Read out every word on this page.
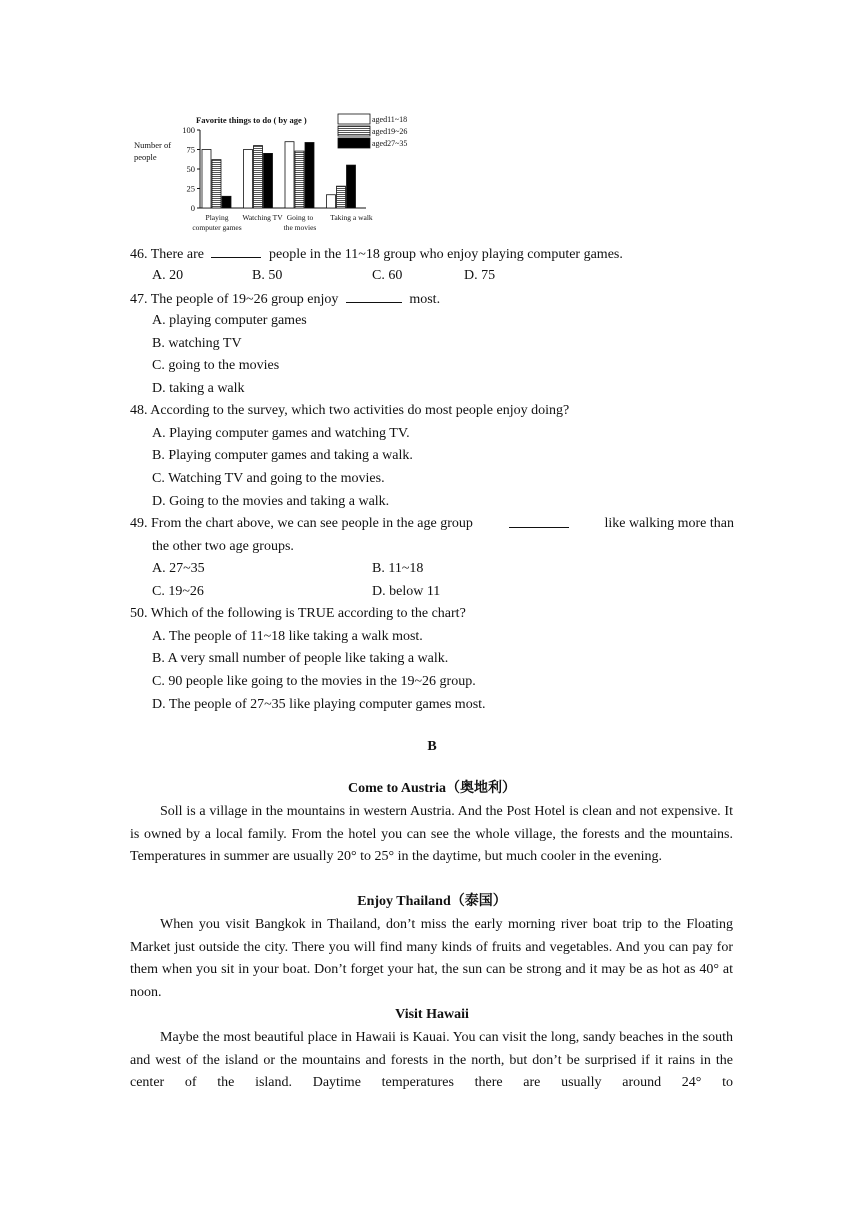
Favorite things to do ( by age )
Number of
people
0
25
50
75
100
Playing
computer games
Watching TV Going to
the movies
Taking a walk
aged11~18
aged19~26
aged27~35
46. There are	people in the 11~18 group who enjoy playing computer games.
A. 20	B. 50	C. 60	D. 75
47. The people of 19~26 group enjoy	most.
A. playing computer games
B. watching TV
C. going to the movies
D. taking a walk
48. According to the survey, which two activities do most people enjoy doing?
A. Playing computer games and watching TV.
B. Playing computer games and taking a walk.
C. Watching TV and going to the movies.
D. Going to the movies and taking a walk.
49. From the chart above, we can see people in the age group	like walking more than
the other two age groups.
A. 27~35	B. 11~18
C. 19~26	D. below 11
50. Which of the following is TRUE according to the chart?
A. The people of 11~18 like taking a walk most.
B. A very small number of people like taking a walk.
C. 90 people like going to the movies in the 19~26 group.
D. The people of 27~35 like playing computer games most.
B
Come to Austria（奥地利）
Soll is a village in the mountains in western Austria. And the Post Hotel is clean and not expensive. It is owned by a local family. From the hotel you can see the whole village, the forests and the mountains. Temperatures in summer are usually 20° to 25° in the daytime, but much cooler in the evening.
Enjoy Thailand（泰国）
When you visit Bangkok in Thailand, don’t miss the early morning river boat trip to the Floating Market just outside the city. There you will find many kinds of fruits and vegetables. And you can pay for them when you sit in your boat. Don’t forget your hat, the sun can be strong and it may be as hot as 40° at noon.
Visit Hawaii
Maybe the most beautiful place in Hawaii is Kauai. You can visit the long, sandy beaches in the south and west of the island or the mountains and forests in the north, but don’t be surprised if it rains in the center of the island. Daytime temperatures there are usually around 24° to
